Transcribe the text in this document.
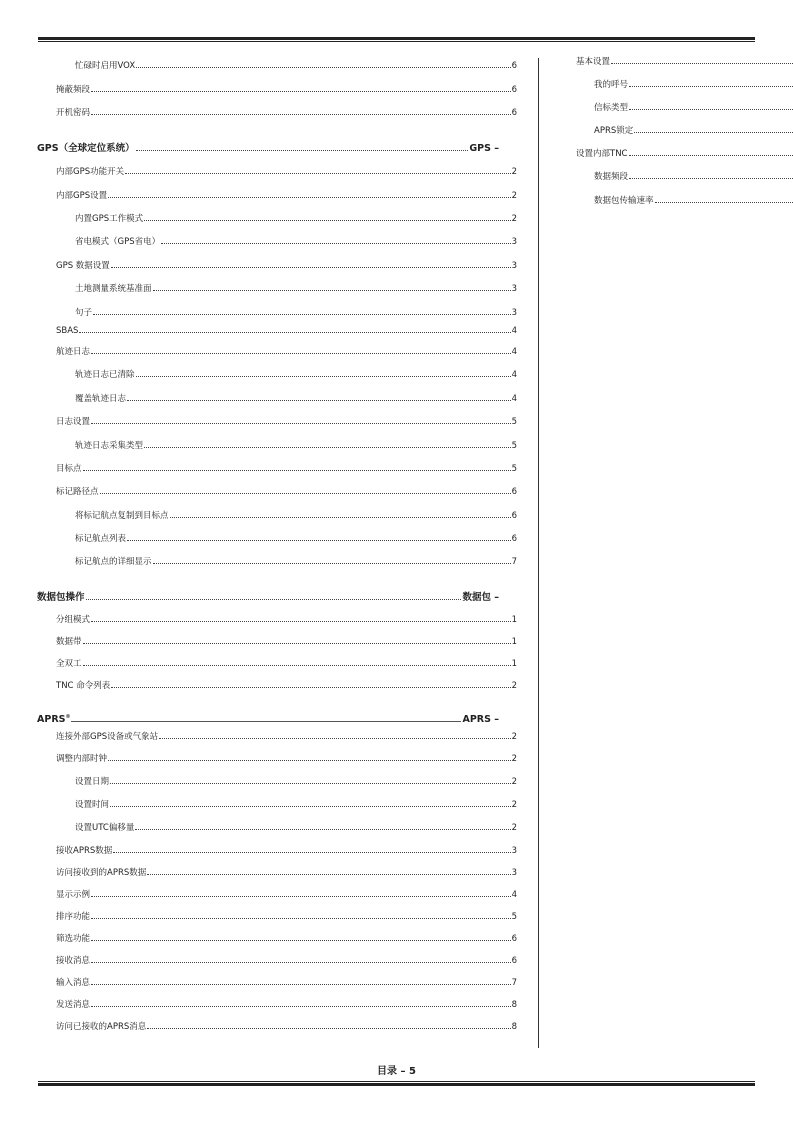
忙碌时启用VOX	6
掩蔽频段	6
开机密码	6
GPS（全球定位系统）	GPS –
内部GPS功能开关	2
内部GPS设置	2
内置GPS工作模式	2
省电模式（GPS省电）	3
GPS 数据设置	3
土地测量系统基准面	3
句子	3
SBAS	4
航迹日志	4
轨迹日志已清除	4
覆盖轨迹日志	4
日志设置	5
轨迹日志采集类型	5
目标点	5
标记路径点	6
将标记航点复制到目标点	6
标记航点列表	6
标记航点的详细显示	7
数据包操作	数据包 –
分组模式	1
数据带	1
全双工	1
TNC 命令列表	2
APRS®	APRS –
连接外部GPS设备或气象站	2
调整内部时钟	2
设置日期	2
设置时间	2
设置UTC偏移量	2
接收APRS数据	3
访问接收到的APRS数据	3
显示示例	4
排序功能	5
筛选功能	6
接收消息	6
输入消息	7
发送消息	8
访问已接收的APRS消息	8
基本设置
我的呼号
信标类型
APRS锁定
设置内部TNC
数据频段
数据包传输速率
目录 – 5
